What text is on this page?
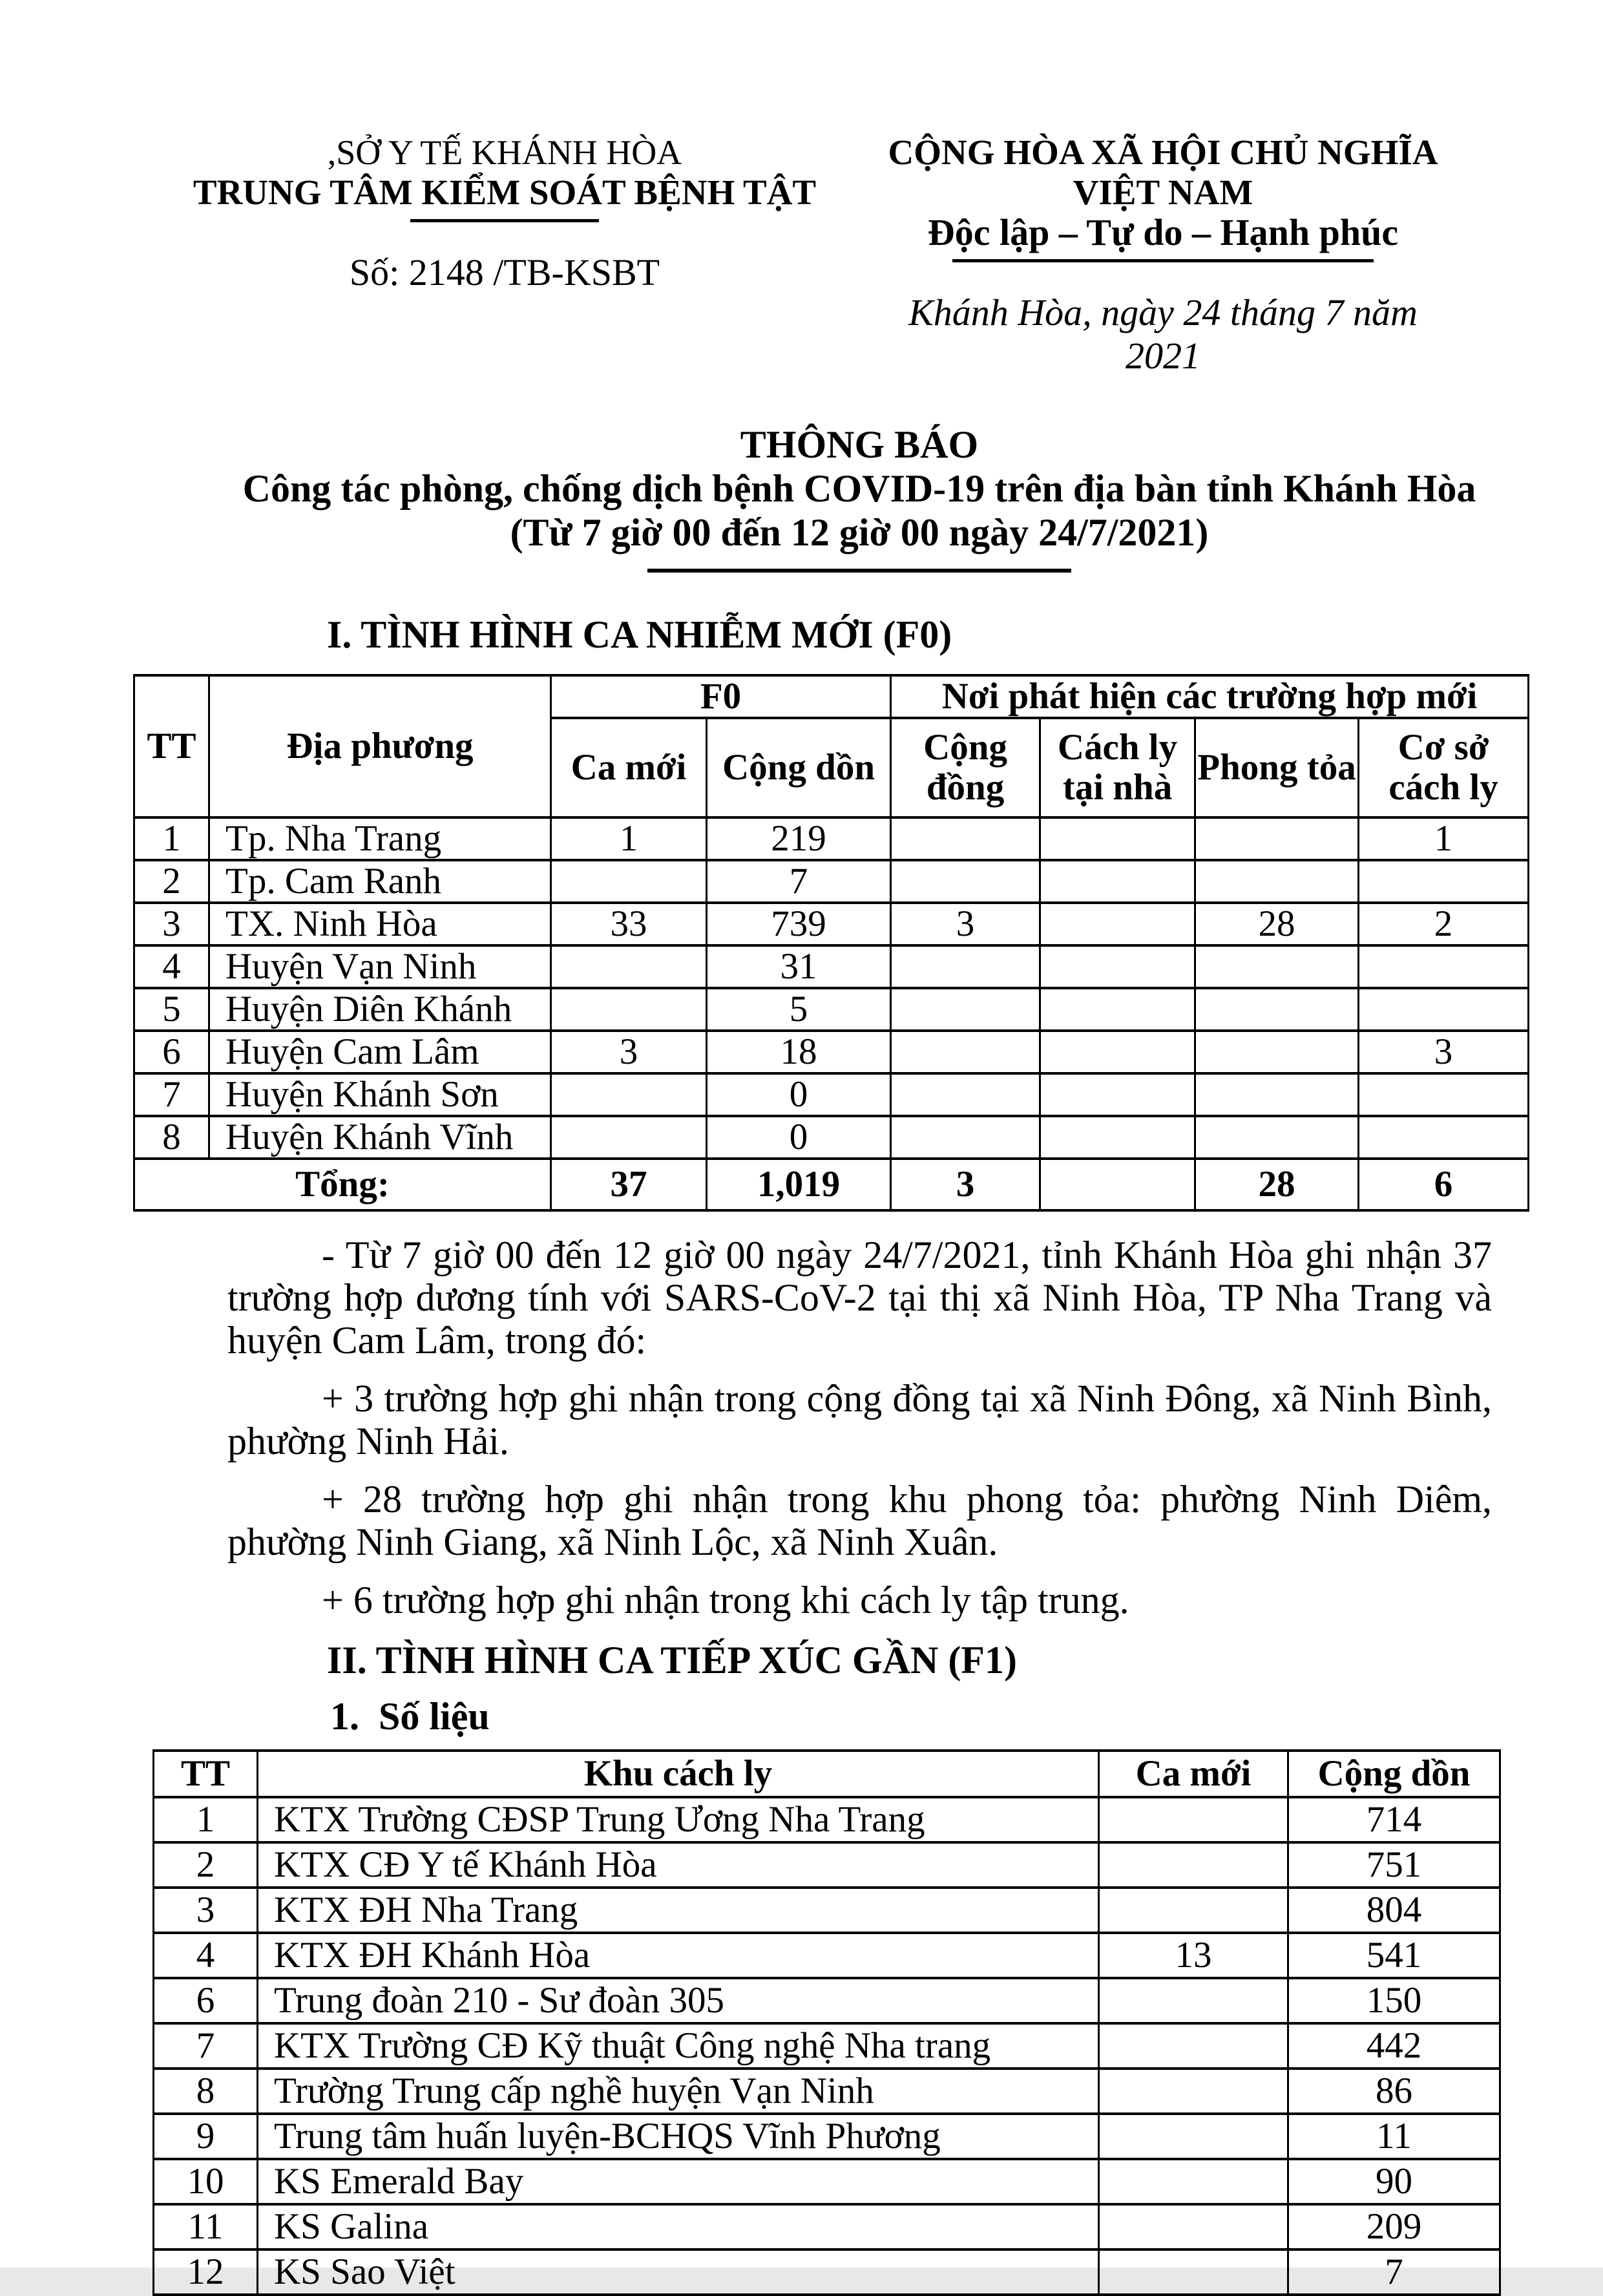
,SỞ Y TẾ KHÁNH HÒA
TRUNG TÂM KIỂM SOÁT BỆNH TẬT
Số: 2148 /TB-KSBT
CỘNG HÒA XÃ HỘI CHỦ NGHĨA VIỆT NAM
Độc lập – Tự do – Hạnh phúc
Khánh Hòa, ngày 24 tháng 7 năm 2021
THÔNG BÁO
Công tác phòng, chống dịch bệnh COVID-19 trên địa bàn tỉnh Khánh Hòa
(Từ 7 giờ 00 đến 12 giờ 00 ngày 24/7/2021)
I. TÌNH HÌNH CA NHIỄM MỚI (F0)
TT	Địa phương	F0		Nơi phát hiện các trường hợp mới			
		Ca mới	Cộng dồn	Cộng đồng	Cách ly tại nhà	Phong tỏa	Cơ sở cách ly
1	Tp. Nha Trang	1	219				1
2	Tp. Cam Ranh		7				
3	TX. Ninh Hòa	33	739	3		28	2
4	Huyện Vạn Ninh		31				
5	Huyện Diên Khánh		5				
6	Huyện Cam Lâm	3	18				3
7	Huyện Khánh Sơn		0				
8	Huyện Khánh Vĩnh		0				
Tổng:		37	1,019	3		28	6
- Từ 7 giờ 00 đến 12 giờ 00 ngày 24/7/2021, tỉnh Khánh Hòa ghi nhận 37 trường hợp dương tính với SARS-CoV-2 tại thị xã Ninh Hòa, TP Nha Trang và huyện Cam Lâm, trong đó:
+ 3 trường hợp ghi nhận trong cộng đồng tại xã Ninh Đông, xã Ninh Bình, phường Ninh Hải.
+ 28 trường hợp ghi nhận trong khu phong tỏa: phường Ninh Diêm, phường Ninh Giang, xã Ninh Lộc, xã Ninh Xuân.
+ 6 trường hợp ghi nhận trong khi cách ly tập trung.
II. TÌNH HÌNH CA TIẾP XÚC GẦN (F1)
1. Số liệu
TT	Khu cách ly	Ca mới	Cộng dồn
1	KTX Trường CĐSP Trung Ương Nha Trang		714
2	KTX CĐ Y tế Khánh Hòa		751
3	KTX ĐH Nha Trang		804
4	KTX ĐH Khánh Hòa	13	541
6	Trung đoàn 210 - Sư đoàn 305		150
7	KTX Trường CĐ Kỹ thuật Công nghệ Nha trang		442
8	Trường Trung cấp nghề huyện Vạn Ninh		86
9	Trung tâm huấn luyện-BCHQS Vĩnh Phương		11
10	KS Emerald Bay		90
11	KS Galina		209
12	KS Sao Việt		7
